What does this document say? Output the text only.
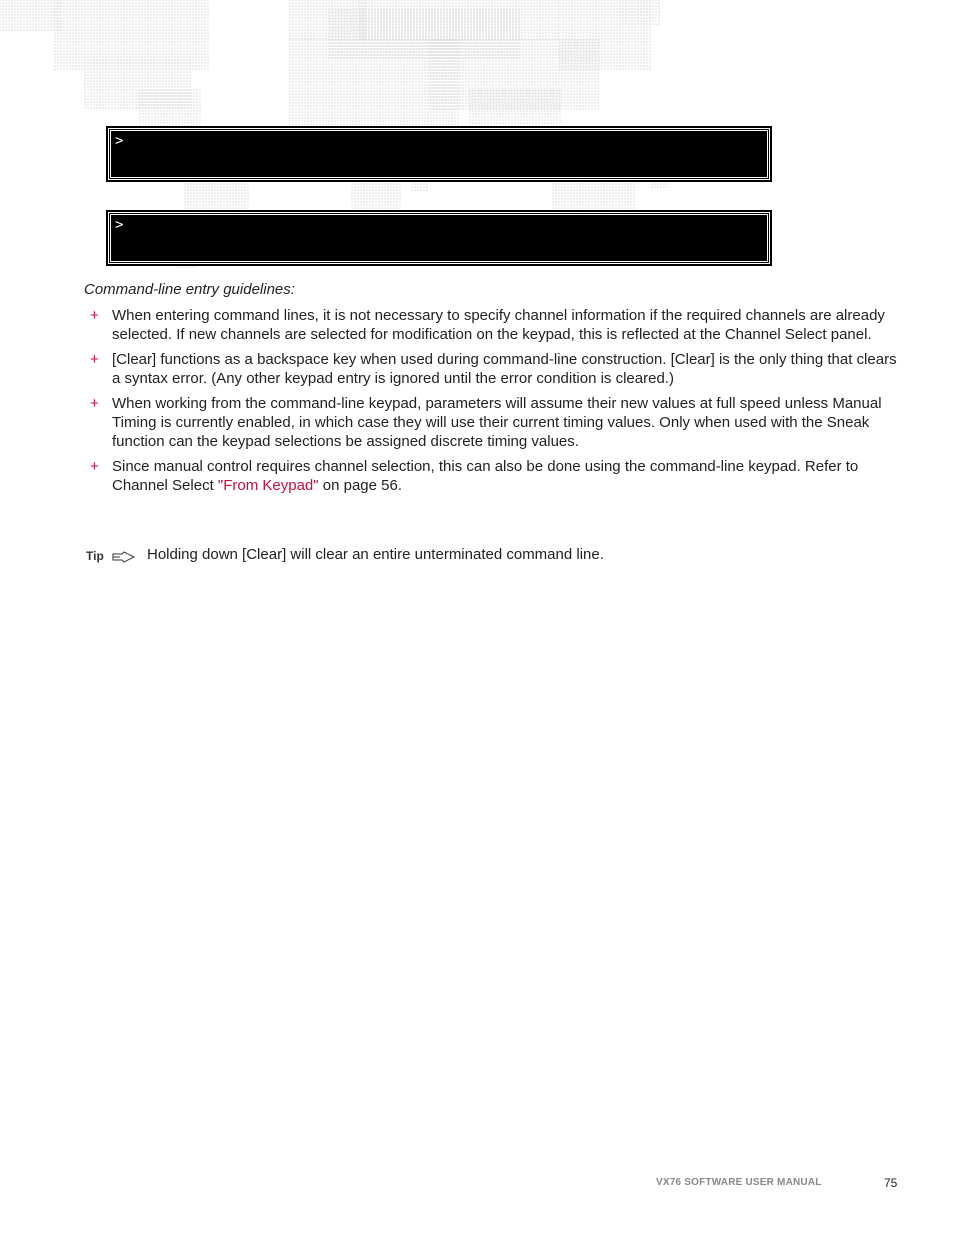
>
>
Command-line entry guidelines:
+ When entering command lines, it is not necessary to specify channel information if the required channels are already selected. If new channels are selected for modification on the keypad, this is reflected at the Channel Select panel.
+ [Clear] functions as a backspace key when used during command-line construction. [Clear] is the only thing that clears a syntax error. (Any other keypad entry is ignored until the error condition is cleared.)
+ When working from the command-line keypad, parameters will assume their new values at full speed unless Manual Timing is currently enabled, in which case they will use their current timing values. Only when used with the Sneak function can the keypad selections be assigned discrete timing values.
+ Since manual control requires channel selection, this can also be done using the command-line keypad. Refer to Channel Select "From Keypad" on page 56.
Tip	Holding down [Clear] will clear an entire unterminated command line.
VX76 SOFTWARE USER MANUAL	75
